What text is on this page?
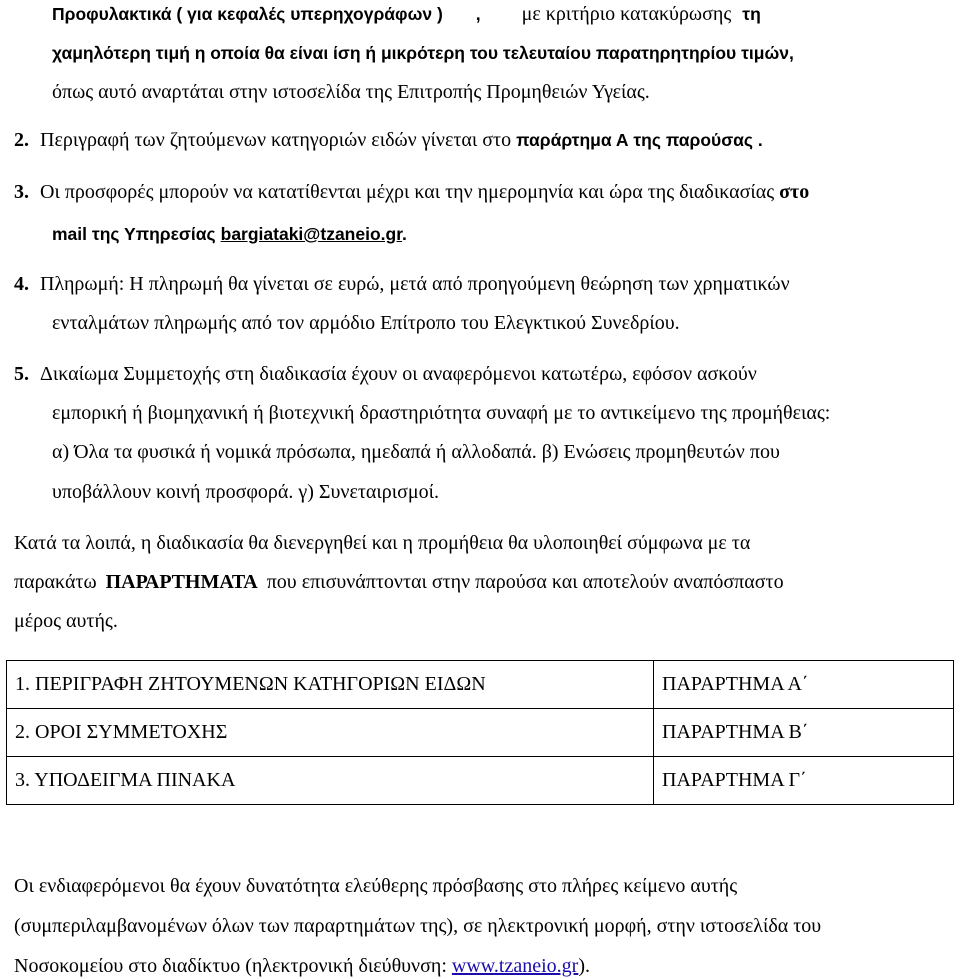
Προφυλακτικά ( για κεφαλές υπερηχογράφων ) , με κριτήριο κατακύρωσης τη
χαμηλότερη τιμή η οποία θα είναι ίση ή μικρότερη του τελευταίου παρατηρητηρίου τιμών,
όπως αυτό αναρτάται στην ιστοσελίδα της Επιτροπής Προμηθειών Υγείας.
2. Περιγραφή των ζητούμενων κατηγοριών ειδών γίνεται στο παράρτημα Α της παρούσας .
3. Οι προσφορές μπορούν να κατατίθενται μέχρι και την ημερομηνία και ώρα της διαδικασίας στο
mail της Υπηρεσίας bargiataki@tzaneio.gr.
4. Πληρωμή: Η πληρωμή θα γίνεται σε ευρώ, μετά από προηγούμενη θεώρηση των χρηματικών
ενταλμάτων πληρωμής από τον αρμόδιο Επίτροπο του Ελεγκτικού Συνεδρίου.
5. Δικαίωμα Συμμετοχής στη διαδικασία έχουν οι αναφερόμενοι κατωτέρω, εφόσον ασκούν
εμπορική ή βιομηχανική ή βιοτεχνική δραστηριότητα συναφή με το αντικείμενο της προμήθειας:
α) Όλα τα φυσικά ή νομικά πρόσωπα, ημεδαπά ή αλλοδαπά. β) Ενώσεις προμηθευτών που
υποβάλλουν κοινή προσφορά. γ) Συνεταιρισμοί.
Κατά τα λοιπά, η διαδικασία θα διενεργηθεί και η προμήθεια θα υλοποιηθεί σύμφωνα με τα
παρακάτω ΠΑΡΑΡΤΗΜΑΤΑ που επισυνάπτονται στην παρούσα και αποτελούν αναπόσπαστο
μέρος αυτής.
1. ΠΕΡΙΓΡΑΦΗ ΖΗΤΟΥΜΕΝΩΝ ΚΑΤΗΓΟΡΙΩΝ ΕΙΔΩΝ	ΠΑΡΑΡΤΗΜΑ Α΄
2. ΟΡΟΙ ΣΥΜΜΕΤΟΧΗΣ	ΠΑΡΑΡΤΗΜΑ Β΄
3. ΥΠΟΔΕΙΓΜΑ ΠΙΝΑΚΑ	ΠΑΡΑΡΤΗΜΑ Γ΄
Οι ενδιαφερόμενοι θα έχουν δυνατότητα ελεύθερης πρόσβασης στο πλήρες κείμενο αυτής
(συμπεριλαμβανομένων όλων των παραρτημάτων της), σε ηλεκτρονική μορφή, στην ιστοσελίδα του
Νοσοκομείου στο διαδίκτυο (ηλεκτρονική διεύθυνση: www.tzaneio.gr).
